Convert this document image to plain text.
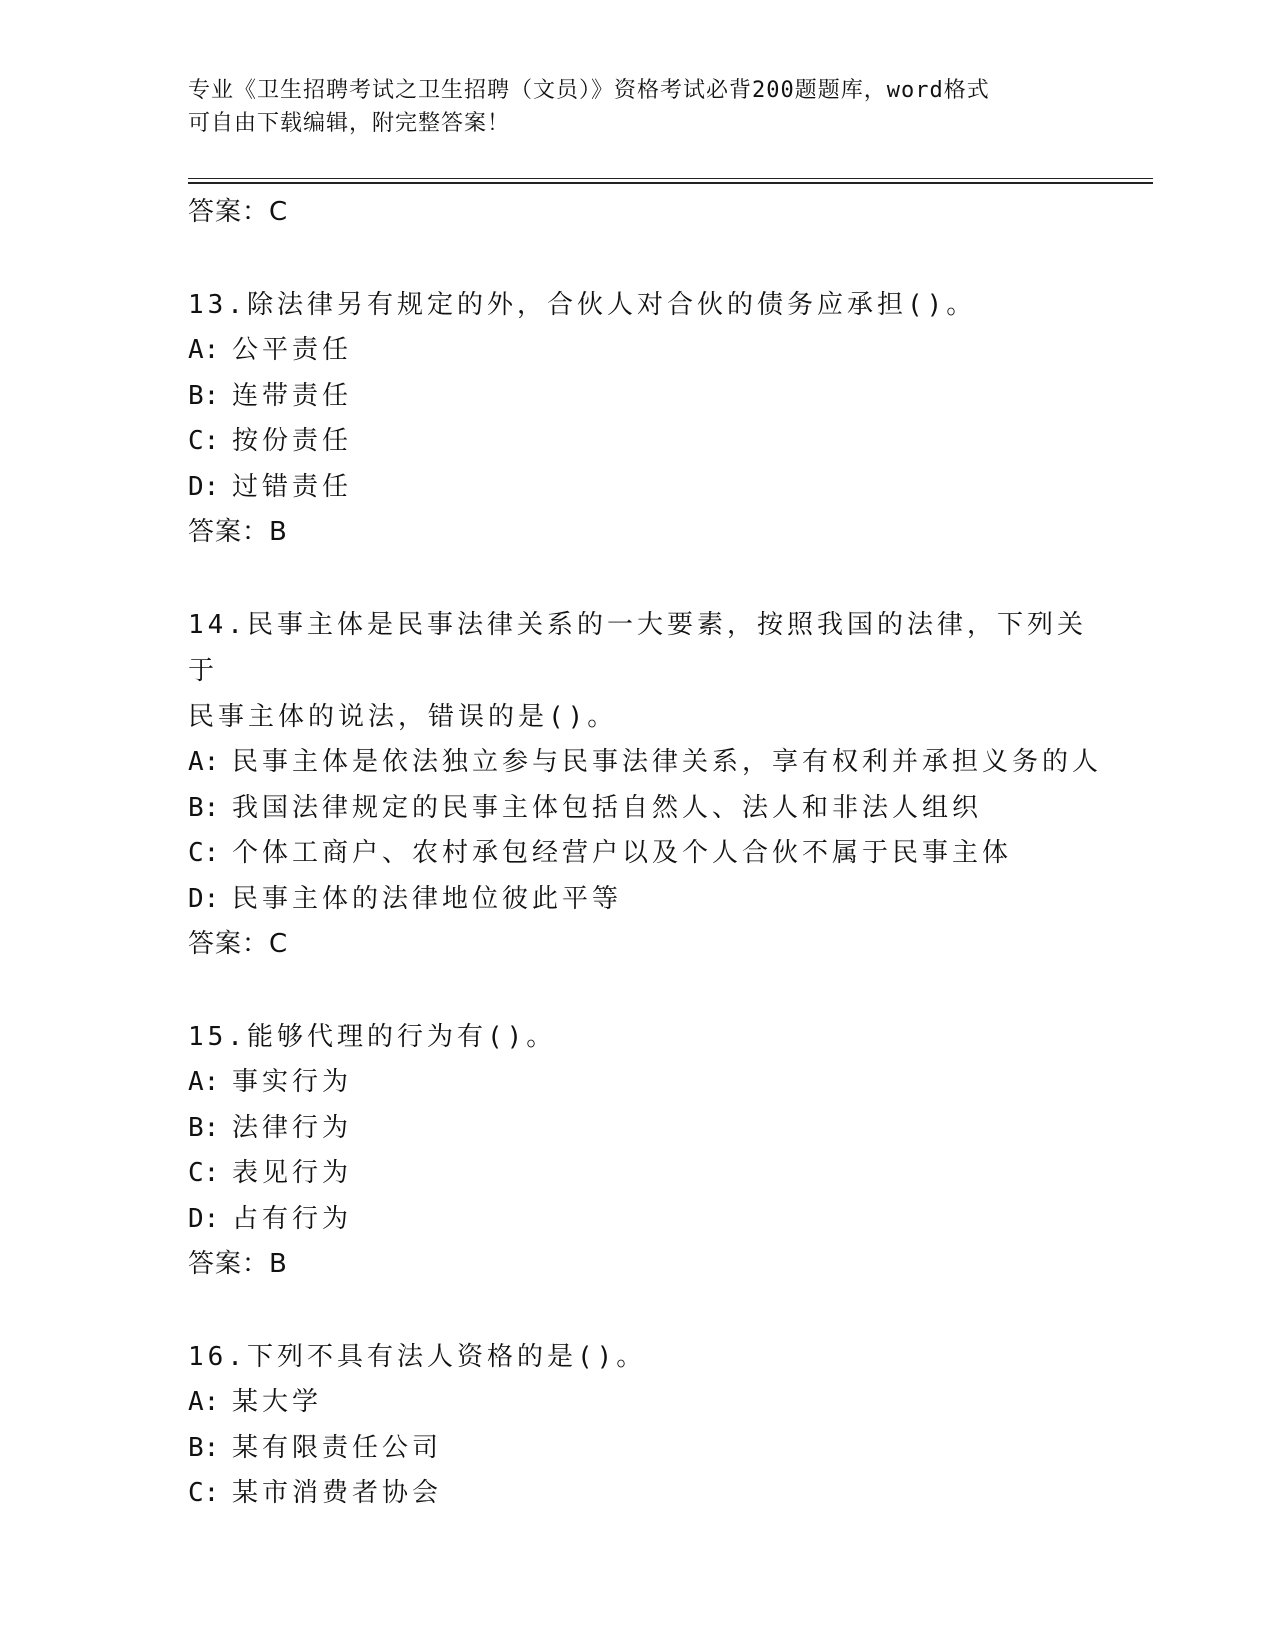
专业《卫生招聘考试之卫生招聘（文员）》资格考试必背200题题库，word格式
可自由下载编辑，附完整答案！
答案：C
13.除法律另有规定的外，合伙人对合伙的债务应承担()。
A: 公平责任
B: 连带责任
C: 按份责任
D: 过错责任
答案：B
14.民事主体是民事法律关系的一大要素，按照我国的法律，下列关于
民事主体的说法，错误的是()。
A: 民事主体是依法独立参与民事法律关系，享有权利并承担义务的人
B: 我国法律规定的民事主体包括自然人、法人和非法人组织
C: 个体工商户、农村承包经营户以及个人合伙不属于民事主体
D: 民事主体的法律地位彼此平等
答案：C
15.能够代理的行为有()。
A: 事实行为
B: 法律行为
C: 表见行为
D: 占有行为
答案：B
16.下列不具有法人资格的是()。
A: 某大学
B: 某有限责任公司
C: 某市消费者协会
